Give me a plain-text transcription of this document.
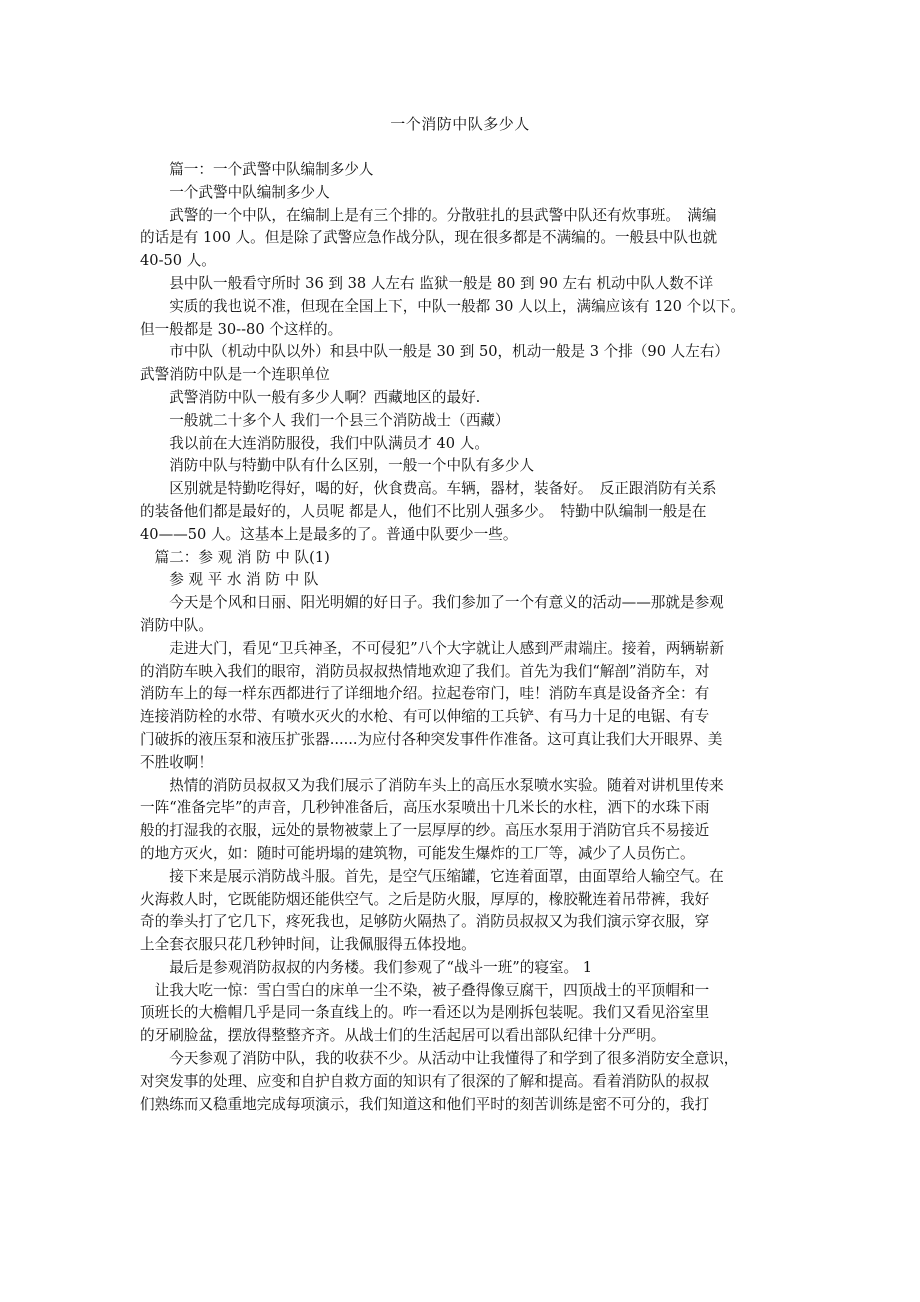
一个消防中队多少人

　　篇一：一个武警中队编制多少人

　　一个武警中队编制多少人

　　武警的一个中队，在编制上是有三个排的。分散驻扎的县武警中队还有炊事班。　满编

的话是有 100 人。但是除了武警应急作战分队，现在很多都是不满编的。一般县中队也就

40-50 人。

　　县中队一般看守所时 36 到 38 人左右 监狱一般是 80 到 90 左右 机动中队人数不详

　　实质的我也说不准，但现在全国上下，中队一般都 30 人以上，满编应该有 120 个以下。

但一般都是 30--80 个这样的。

　　市中队（机动中队以外）和县中队一般是 30 到 50，机动一般是 3 个排（90 人左右）

武警消防中队是一个连职单位

　　武警消防中队一般有多少人啊？西藏地区的最好.

　　一般就二十多个人 我们一个县三个消防战士（西藏）

　　我以前在大连消防服役，我们中队满员才 40 人。

　　消防中队与特勤中队有什么区别，一般一个中队有多少人

　　区别就是特勤吃得好，喝的好，伙食费高。车辆，器材，装备好。　反正跟消防有关系

的装备他们都是最好的，人员呢 都是人，他们不比别人强多少。　特勤中队编制一般是在

40——50 人。这基本上是最多的了。普通中队要少一些。

　篇二：参 观 消 防 中 队(1)

　　参 观 平 水 消 防 中 队

　　今天是个风和日丽、阳光明媚的好日子。我们参加了一个有意义的活动——那就是参观

消防中队。

　　走进大门，看见“卫兵神圣，不可侵犯”八个大字就让人感到严肃端庄。接着，两辆崭新

的消防车映入我们的眼帘，消防员叔叔热情地欢迎了我们。首先为我们“解剖”消防车，对

消防车上的每一样东西都进行了详细地介绍。拉起卷帘门，哇！消防车真是设备齐全：有

连接消防栓的水带、有喷水灭火的水枪、有可以伸缩的工兵铲、有马力十足的电锯、有专

门破拆的液压泵和液压扩张器......为应付各种突发事件作准备。这可真让我们大开眼界、美

不胜收啊！

　　热情的消防员叔叔又为我们展示了消防车头上的高压水泵喷水实验。随着对讲机里传来

一阵“准备完毕”的声音，几秒钟准备后，高压水泵喷出十几米长的水柱，洒下的水珠下雨

般的打湿我的衣服，远处的景物被蒙上了一层厚厚的纱。高压水泵用于消防官兵不易接近

的地方灭火，如：随时可能坍塌的建筑物，可能发生爆炸的工厂等，减少了人员伤亡。

　　接下来是展示消防战斗服。首先，是空气压缩罐，它连着面罩，由面罩给人输空气。在

火海救人时，它既能防烟还能供空气。之后是防火服，厚厚的，橡胶靴连着吊带裤，我好

奇的拳头打了它几下，疼死我也，足够防火隔热了。消防员叔叔又为我们演示穿衣服，穿

上全套衣服只花几秒钟时间，让我佩服得五体投地。

　　最后是参观消防叔叔的内务楼。我们参观了“战斗一班”的寝室。 1

　让我大吃一惊：雪白雪白的床单一尘不染，被子叠得像豆腐干，四顶战士的平顶帽和一

顶班长的大檐帽几乎是同一条直线上的。咋一看还以为是刚拆包装呢。我们又看见浴室里

的牙刷脸盆，摆放得整整齐齐。从战士们的生活起居可以看出部队纪律十分严明。

　　今天参观了消防中队，我的收获不少。从活动中让我懂得了和学到了很多消防安全意识，

对突发事的处理、应变和自护自救方面的知识有了很深的了解和提高。看着消防队的叔叔

们熟练而又稳重地完成每项演示，我们知道这和他们平时的刻苦训练是密不可分的，我打
